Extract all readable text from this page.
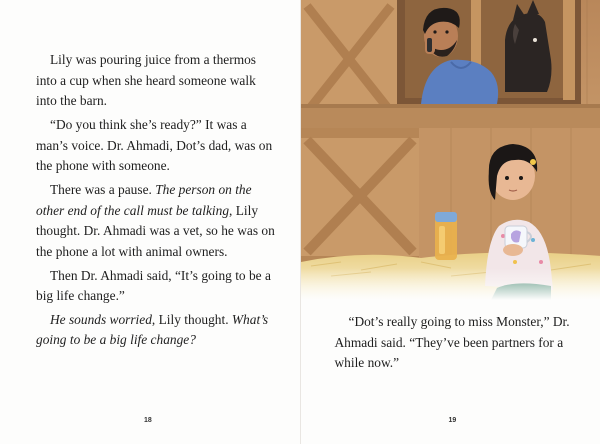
Lily was pouring juice from a thermos into a cup when she heard someone walk into the barn.

“Do you think she’s ready?” It was a man’s voice. Dr. Ahmadi, Dot’s dad, was on the phone with someone.

There was a pause. The person on the other end of the call must be talking, Lily thought. Dr. Ahmadi was a vet, so he was on the phone a lot with animal owners.

Then Dr. Ahmadi said, “It’s going to be a big life change.”

He sounds worried, Lily thought. What’s going to be a big life change?

18

“Dot’s really going to miss Monster,” Dr. Ahmadi said. “They’ve been partners for a while now.”

19
